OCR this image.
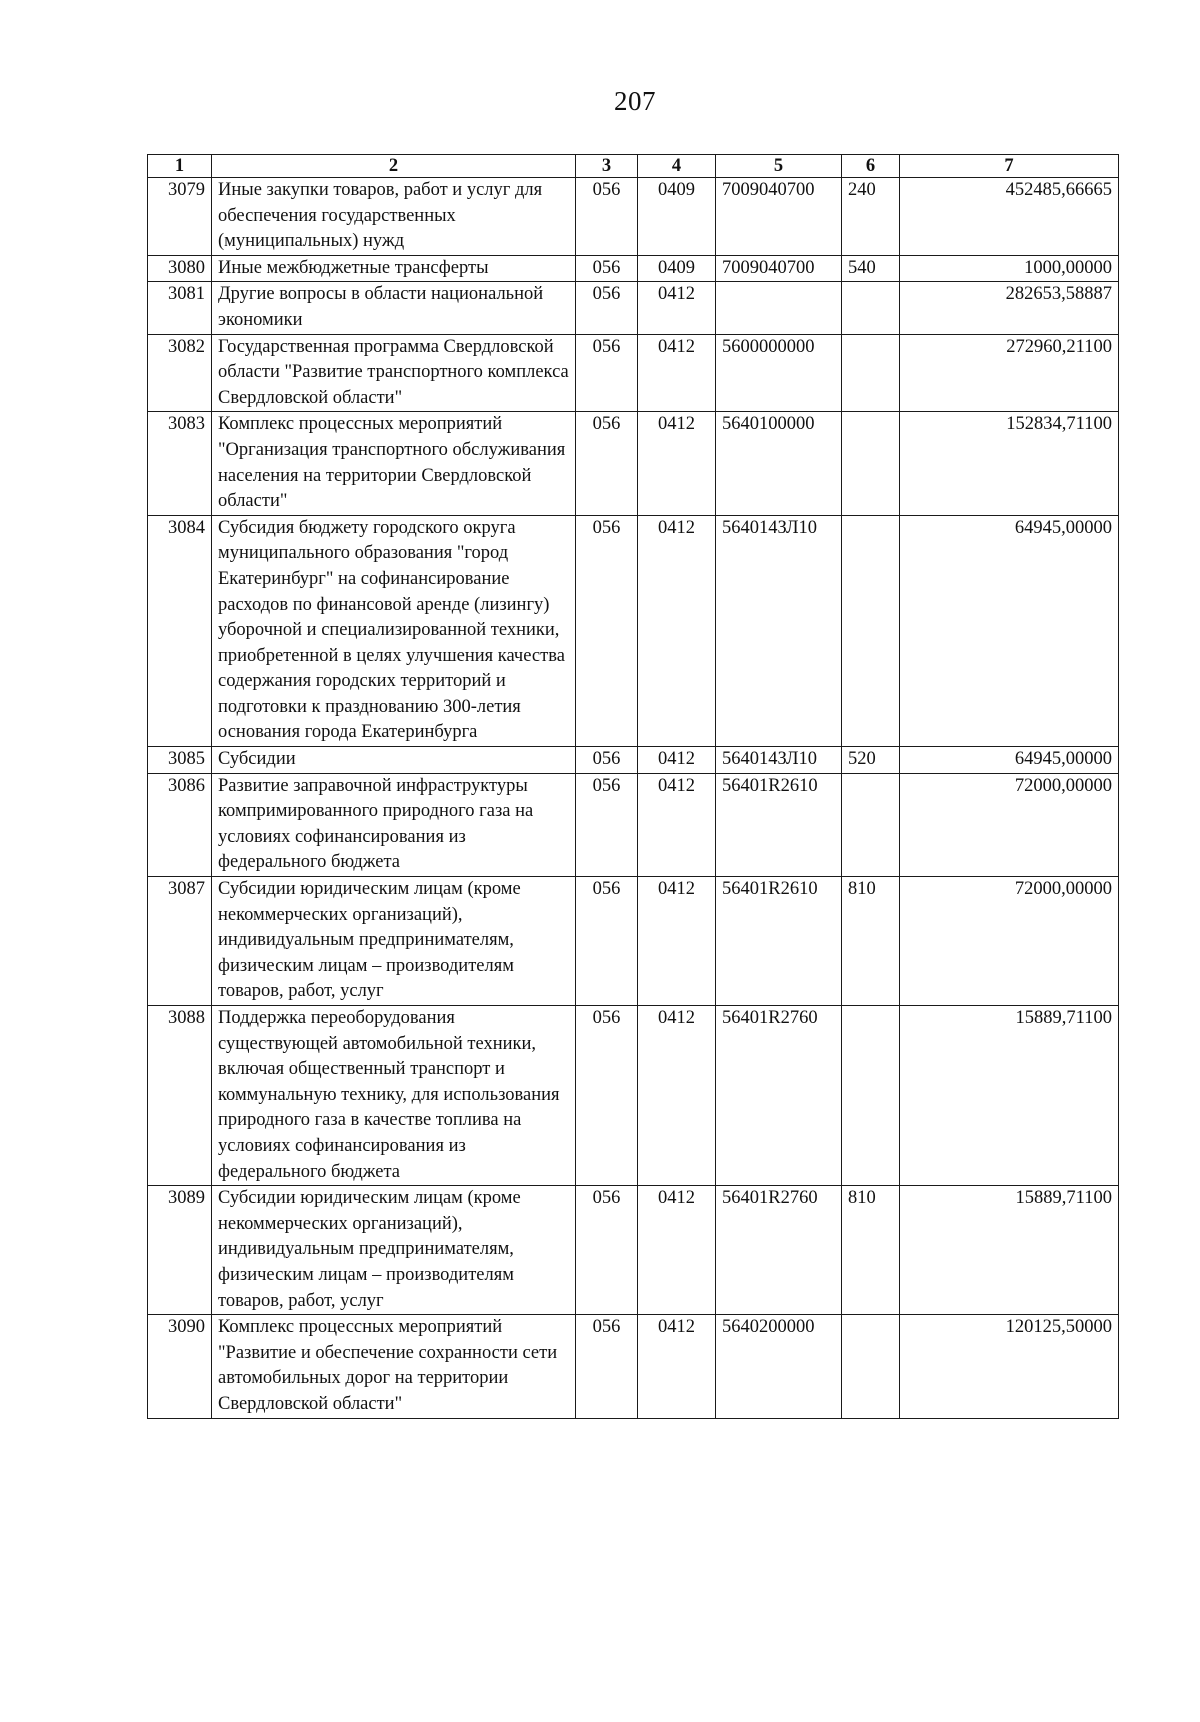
207
1	2	3	4	5	6	7
3079	Иные закупки товаров, работ и услуг для обеспечения государственных (муниципальных) нужд	056	0409	7009040700	240	452485,66665
3080	Иные межбюджетные трансферты	056	0409	7009040700	540	1000,00000
3081	Другие вопросы в области национальной экономики	056	0412			282653,58887
3082	Государственная программа Свердловской области "Развитие транспортного комплекса Свердловской области"	056	0412	5600000000		272960,21100
3083	Комплекс процессных мероприятий "Организация транспортного обслуживания населения на территории Свердловской области"	056	0412	5640100000		152834,71100
3084	Субсидия бюджету городского округа муниципального образования "город Екатеринбург" на софинансирование расходов по финансовой аренде (лизингу) уборочной и специализированной техники, приобретенной в целях улучшения качества содержания городских территорий и подготовки к празднованию 300-летия основания города Екатеринбурга	056	0412	564014ЗЛ10		64945,00000
3085	Субсидии	056	0412	564014ЗЛ10	520	64945,00000
3086	Развитие заправочной инфраструктуры компримированного природного газа на условиях софинансирования из федерального бюджета	056	0412	56401R2610		72000,00000
3087	Субсидии юридическим лицам (кроме некоммерческих организаций), индивидуальным предпринимателям, физическим лицам – производителям товаров, работ, услуг	056	0412	56401R2610	810	72000,00000
3088	Поддержка переоборудования существующей автомобильной техники, включая общественный транспорт и коммунальную технику, для использования природного газа в качестве топлива на условиях софинансирования из федерального бюджета	056	0412	56401R2760		15889,71100
3089	Субсидии юридическим лицам (кроме некоммерческих организаций), индивидуальным предпринимателям, физическим лицам – производителям товаров, работ, услуг	056	0412	56401R2760	810	15889,71100
3090	Комплекс процессных мероприятий "Развитие и обеспечение сохранности сети автомобильных дорог на территории Свердловской области"	056	0412	5640200000		120125,50000
